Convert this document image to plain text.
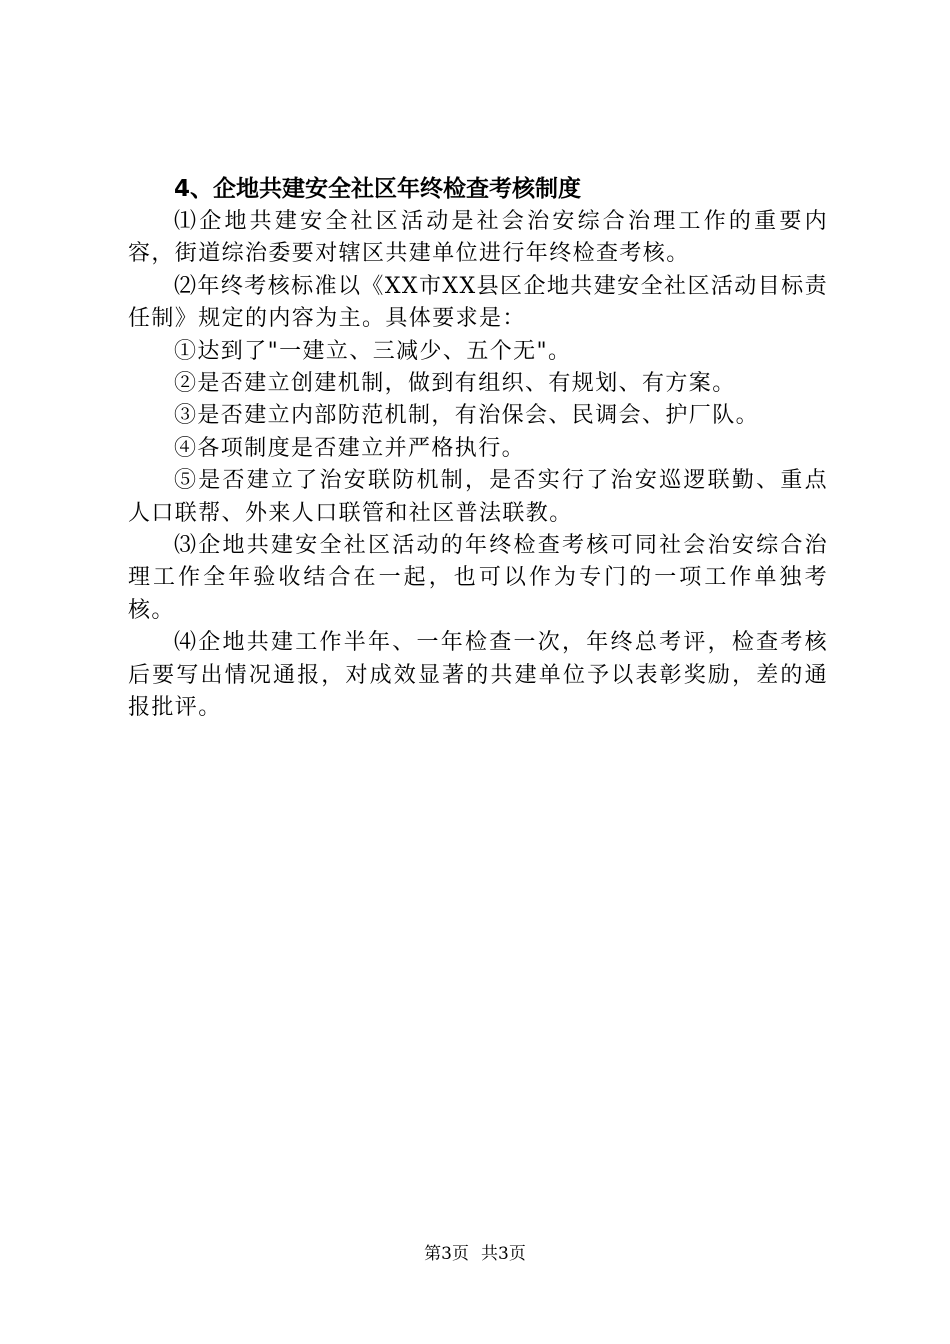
4、企地共建安全社区年终检查考核制度

⑴企地共建安全社区活动是社会治安综合治理工作的重要内容，街道综治委要对辖区共建单位进行年终检查考核。

⑵年终考核标准以《XX市XX县区企地共建安全社区活动目标责任制》规定的内容为主。具体要求是：

①达到了"一建立、三减少、五个无"。

②是否建立创建机制，做到有组织、有规划、有方案。

③是否建立内部防范机制，有治保会、民调会、护厂队。

④各项制度是否建立并严格执行。

⑤是否建立了治安联防机制，是否实行了治安巡逻联勤、重点人口联帮、外来人口联管和社区普法联教。

⑶企地共建安全社区活动的年终检查考核可同社会治安综合治理工作全年验收结合在一起，也可以作为专门的一项工作单独考核。

⑷企地共建工作半年、一年检查一次，年终总考评，检查考核后要写出情况通报，对成效显著的共建单位予以表彰奖励，差的通报批评。

第3页 共3页
